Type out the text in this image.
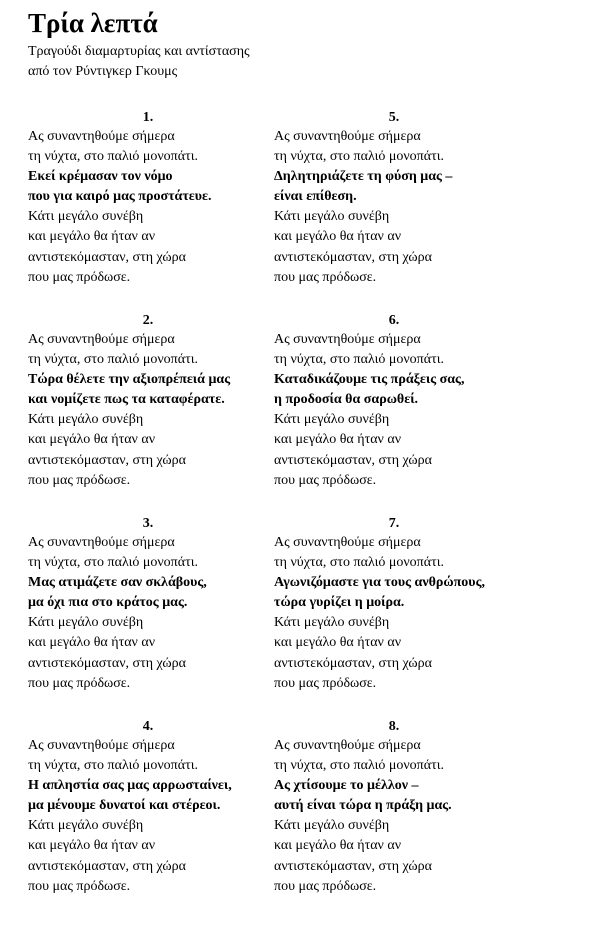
Τρία λεπτά
Τραγούδι διαμαρτυρίας και αντίστασης
από τον Ρύντιγκερ Γκουμς
1.
Ας συναντηθούμε σήμερα
τη νύχτα, στο παλιό μονοπάτι.
Εκεί κρέμασαν τον νόμο
που για καιρό μας προστάτευε.
Κάτι μεγάλο συνέβη
και μεγάλο θα ήταν αν
αντιστεκόμασταν, στη χώρα
που μας πρόδωσε.
2.
Ας συναντηθούμε σήμερα
τη νύχτα, στο παλιό μονοπάτι.
Τώρα θέλετε την αξιοπρέπειά μας
και νομίζετε πως τα καταφέρατε.
Κάτι μεγάλο συνέβη
και μεγάλο θα ήταν αν
αντιστεκόμασταν, στη χώρα
που μας πρόδωσε.
3.
Ας συναντηθούμε σήμερα
τη νύχτα, στο παλιό μονοπάτι.
Μας ατιμάζετε σαν σκλάβους,
μα όχι πια στο κράτος μας.
Κάτι μεγάλο συνέβη
και μεγάλο θα ήταν αν
αντιστεκόμασταν, στη χώρα
που μας πρόδωσε.
4.
Ας συναντηθούμε σήμερα
τη νύχτα, στο παλιό μονοπάτι.
Η απληστία σας μας αρρωσταίνει,
μα μένουμε δυνατοί και στέρεοι.
Κάτι μεγάλο συνέβη
και μεγάλο θα ήταν αν
αντιστεκόμασταν, στη χώρα
που μας πρόδωσε.
5.
Ας συναντηθούμε σήμερα
τη νύχτα, στο παλιό μονοπάτι.
Δηλητηριάζετε τη φύση μας –
είναι επίθεση.
Κάτι μεγάλο συνέβη
και μεγάλο θα ήταν αν
αντιστεκόμασταν, στη χώρα
που μας πρόδωσε.
6.
Ας συναντηθούμε σήμερα
τη νύχτα, στο παλιό μονοπάτι.
Καταδικάζουμε τις πράξεις σας,
η προδοσία θα σαρωθεί.
Κάτι μεγάλο συνέβη
και μεγάλο θα ήταν αν
αντιστεκόμασταν, στη χώρα
που μας πρόδωσε.
7.
Ας συναντηθούμε σήμερα
τη νύχτα, στο παλιό μονοπάτι.
Αγωνιζόμαστε για τους ανθρώπους,
τώρα γυρίζει η μοίρα.
Κάτι μεγάλο συνέβη
και μεγάλο θα ήταν αν
αντιστεκόμασταν, στη χώρα
που μας πρόδωσε.
8.
Ας συναντηθούμε σήμερα
τη νύχτα, στο παλιό μονοπάτι.
Ας χτίσουμε το μέλλον –
αυτή είναι τώρα η πράξη μας.
Κάτι μεγάλο συνέβη
και μεγάλο θα ήταν αν
αντιστεκόμασταν, στη χώρα
που μας πρόδωσε.
